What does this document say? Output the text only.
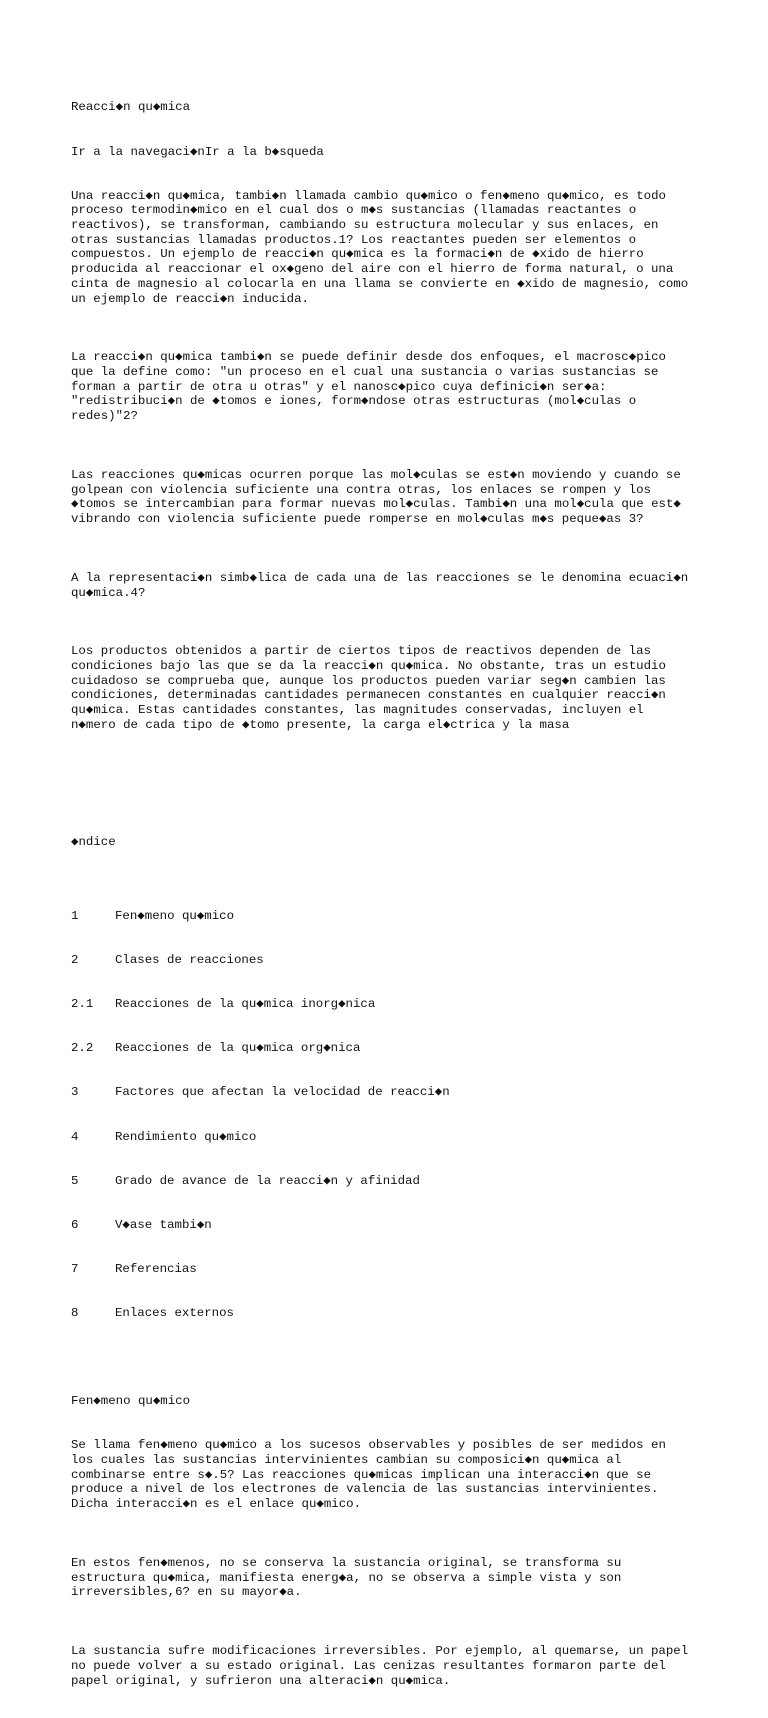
Reacci◆n qu◆mica

Ir a la navegaci◆nIr a la b◆squeda

Una reacci◆n qu◆mica, tambi◆n llamada cambio qu◆mico o fen◆meno qu◆mico, es todo
proceso termodin◆mico en el cual dos o m◆s sustancias (llamadas reactantes o
reactivos), se transforman, cambiando su estructura molecular y sus enlaces, en
otras sustancias llamadas productos.1? Los reactantes pueden ser elementos o
compuestos. Un ejemplo de reacci◆n qu◆mica es la formaci◆n de ◆xido de hierro
producida al reaccionar el ox◆geno del aire con el hierro de forma natural, o una
cinta de magnesio al colocarla en una llama se convierte en ◆xido de magnesio, como
un ejemplo de reacci◆n inducida.

La reacci◆n qu◆mica tambi◆n se puede definir desde dos enfoques, el macrosc◆pico
que la define como: "un proceso en el cual una sustancia o varias sustancias se
forman a partir de otra u otras" y el nanosc◆pico cuya definici◆n ser◆a:
"redistribuci◆n de ◆tomos e iones, form◆ndose otras estructuras (mol◆culas o
redes)"2?

Las reacciones qu◆micas ocurren porque las mol◆culas se est◆n moviendo y cuando se
golpean con violencia suficiente una contra otras, los enlaces se rompen y los
◆tomos se intercambian para formar nuevas mol◆culas. Tambi◆n una mol◆cula que est◆
vibrando con violencia suficiente puede romperse en mol◆culas m◆s peque◆as 3?

A la representaci◆n simb◆lica de cada una de las reacciones se le denomina ecuaci◆n
qu◆mica.4?

Los productos obtenidos a partir de ciertos tipos de reactivos dependen de las
condiciones bajo las que se da la reacci◆n qu◆mica. No obstante, tras un estudio
cuidadoso se comprueba que, aunque los productos pueden variar seg◆n cambien las
condiciones, determinadas cantidades permanecen constantes en cualquier reacci◆n
qu◆mica. Estas cantidades constantes, las magnitudes conservadas, incluyen el
n◆mero de cada tipo de ◆tomo presente, la carga el◆ctrica y la masa

◆ndice

1	Fen◆meno qu◆mico

2	Clases de reacciones

2.1 Reacciones de la qu◆mica inorg◆nica

2.2 Reacciones de la qu◆mica org◆nica

3	Factores que afectan la velocidad de reacci◆n

4	Rendimiento qu◆mico

5	Grado de avance de la reacci◆n y afinidad

6	V◆ase tambi◆n

7	Referencias

8	Enlaces externos

Fen◆meno qu◆mico

Se llama fen◆meno qu◆mico a los sucesos observables y posibles de ser medidos en
los cuales las sustancias intervinientes cambian su composici◆n qu◆mica al
combinarse entre s◆.5? Las reacciones qu◆micas implican una interacci◆n que se
produce a nivel de los electrones de valencia de las sustancias intervinientes.
Dicha interacci◆n es el enlace qu◆mico.

En estos fen◆menos, no se conserva la sustancia original, se transforma su
estructura qu◆mica, manifiesta energ◆a, no se observa a simple vista y son
irreversibles,6? en su mayor◆a.

La sustancia sufre modificaciones irreversibles. Por ejemplo, al quemarse, un papel
no puede volver a su estado original. Las cenizas resultantes formaron parte del
papel original, y sufrieron una alteraci◆n qu◆mica.
